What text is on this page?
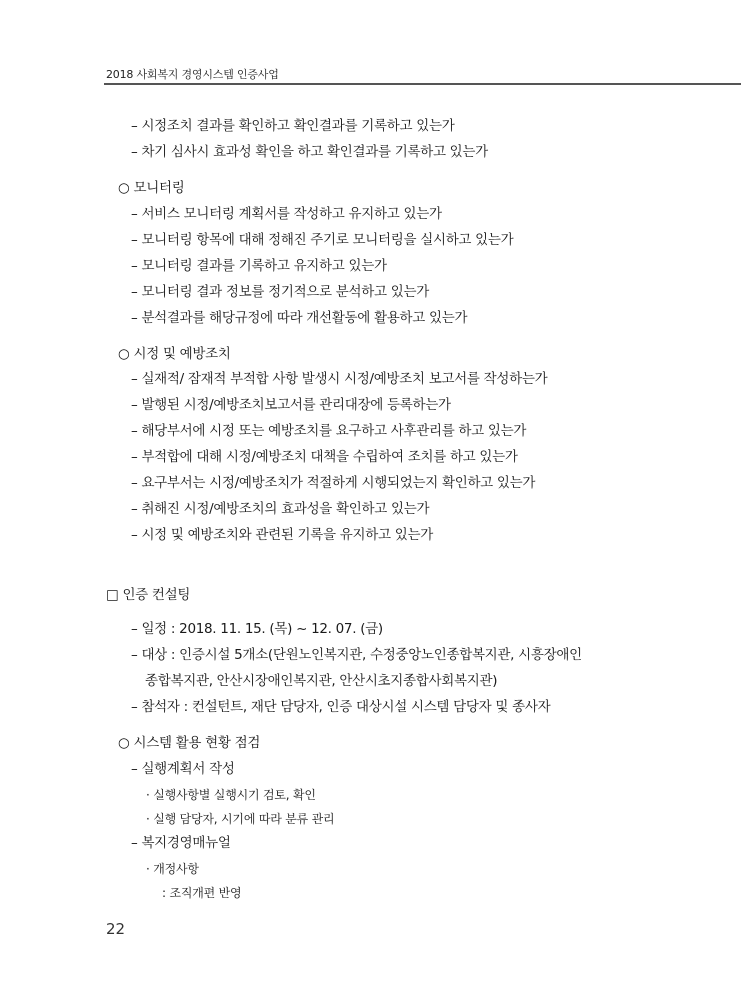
2018 사회복지 경영시스템 인증사업
– 시정조치 결과를 확인하고 확인결과를 기록하고 있는가
– 차기 심사시 효과성 확인을 하고 확인결과를 기록하고 있는가
○ 모니터링
– 서비스 모니터링 계획서를 작성하고 유지하고 있는가
– 모니터링 항목에 대해 정해진 주기로 모니터링을 실시하고 있는가
– 모니터링 결과를 기록하고 유지하고 있는가
– 모니터링 결과 정보를 정기적으로 분석하고 있는가
– 분석결과를 해당규정에 따라 개선활동에 활용하고 있는가
○ 시정 및 예방조치
– 실재적/ 잠재적 부적합 사항 발생시 시정/예방조치 보고서를 작성하는가
– 발행된 시정/예방조치보고서를 관리대장에 등록하는가
– 해당부서에 시정 또는 예방조치를 요구하고 사후관리를 하고 있는가
– 부적합에 대해 시정/예방조치 대책을 수립하여 조치를 하고 있는가
– 요구부서는 시정/예방조치가 적절하게 시행되었는지 확인하고 있는가
– 취해진 시정/예방조치의 효과성을 확인하고 있는가
– 시정 및 예방조치와 관련된 기록을 유지하고 있는가
□ 인증 컨설팅
– 일정 : 2018. 11. 15. (목) ~ 12. 07. (금)
– 대상 : 인증시설 5개소(단원노인복지관, 수정중앙노인종합복지관, 시흥장애인
종합복지관, 안산시장애인복지관, 안산시초지종합사회복지관)
– 참석자 : 컨설턴트, 재단 담당자, 인증 대상시설 시스템 담당자 및 종사자
○ 시스템 활용 현황 점검
– 실행계획서 작성
· 실행사항별 실행시기 검토, 확인
· 실행 담당자, 시기에 따라 분류 관리
– 복지경영매뉴얼
· 개정사항
: 조직개편 반영
22
